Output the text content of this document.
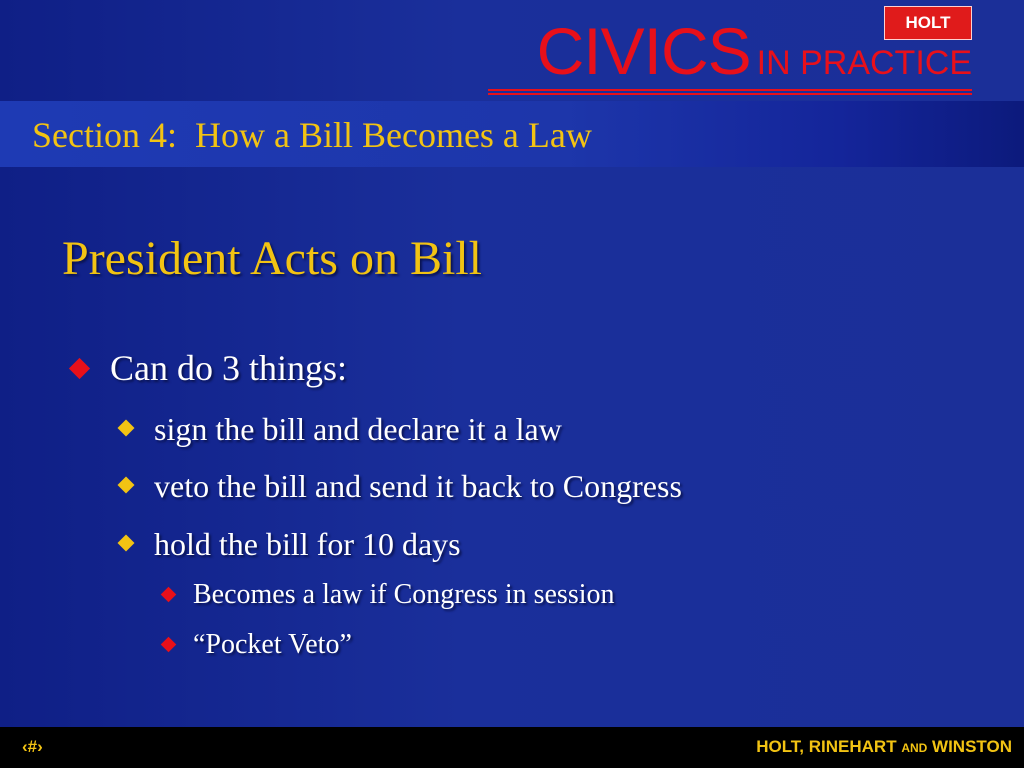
HOLT
CIVICS IN PRACTICE
Section 4:  How a Bill Becomes a Law
President Acts on Bill
Can do 3 things:
sign the bill and declare it a law
veto the bill and send it back to Congress
hold the bill for 10 days
Becomes a law if Congress in session
“Pocket Veto”
‹#›	HOLT, RINEHART AND WINSTON
